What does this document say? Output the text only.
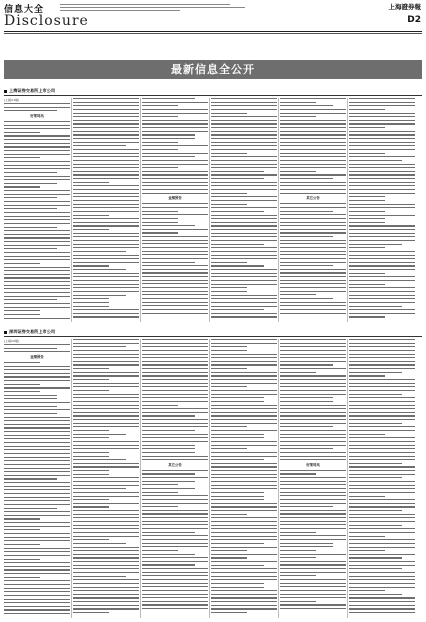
信息大全
Disclosure
上海證券報
D2
最新信息全公开
上海证券交易所上市公司
深圳证券交易所上市公司
(上接C1版)
好莱坞讯
业绩预告	其它公告
(上接C2版)
业绩预告
其它公告	好莱坞讯
